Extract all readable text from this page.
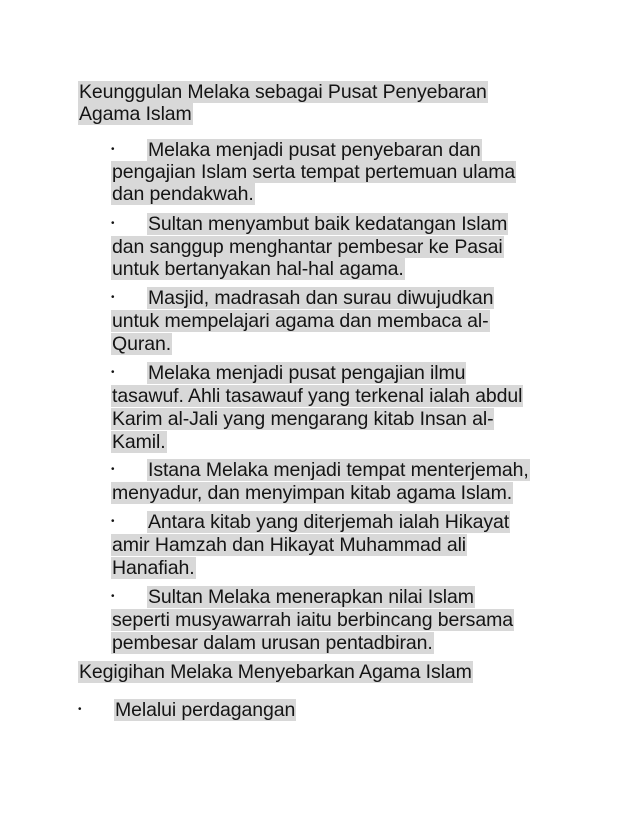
Keunggulan Melaka sebagai Pusat Penyebaran
Agama Islam
• Melaka menjadi pusat penyebaran dan
pengajian Islam serta tempat pertemuan ulama
dan pendakwah.
• Sultan menyambut baik kedatangan Islam
dan sanggup menghantar pembesar ke Pasai
untuk bertanyakan hal-hal agama.
• Masjid, madrasah dan surau diwujudkan
untuk mempelajari agama dan membaca al-
Quran.
• Melaka menjadi pusat pengajian ilmu
tasawuf. Ahli tasawauf yang terkenal ialah abdul
Karim al-Jali yang mengarang kitab Insan al-
Kamil.
• Istana Melaka menjadi tempat menterjemah,
menyadur, dan menyimpan kitab agama Islam.
• Antara kitab yang diterjemah ialah Hikayat
amir Hamzah dan Hikayat Muhammad ali
Hanafiah.
• Sultan Melaka menerapkan nilai Islam
seperti musyawarrah iaitu berbincang bersama
pembesar dalam urusan pentadbiran.
Kegigihan Melaka Menyebarkan Agama Islam
• Melalui perdagangan
